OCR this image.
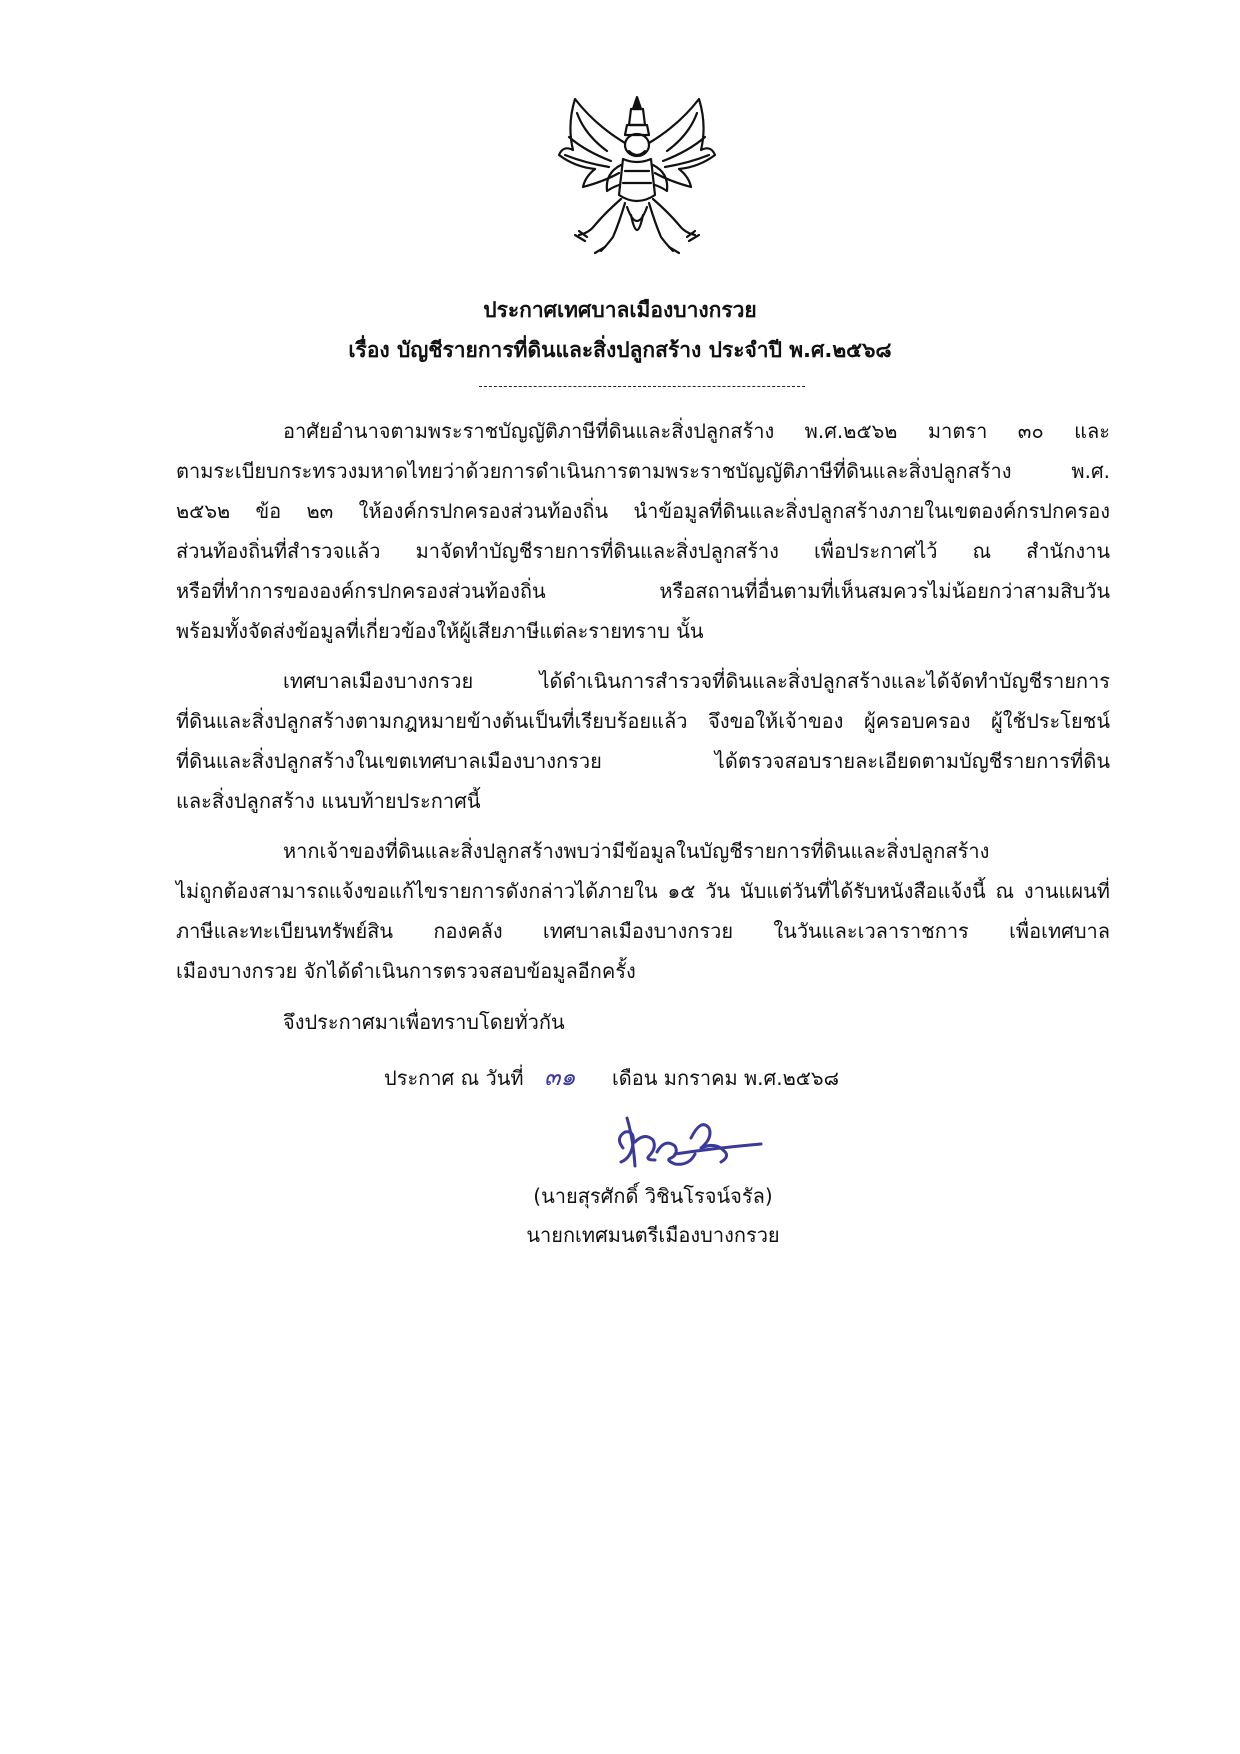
ประกาศเทศบาลเมืองบางกรวย
เรื่อง บัญชีรายการที่ดินและสิ่งปลูกสร้าง ประจำปี พ.ศ.๒๕๖๘
อาศัยอำนาจตามพระราชบัญญัติภาษีที่ดินและสิ่งปลูกสร้าง พ.ศ.๒๕๖๒ มาตรา ๓๐ และ
ตามระเบียบกระทรวงมหาดไทยว่าด้วยการดำเนินการตามพระราชบัญญัติภาษีที่ดินและสิ่งปลูกสร้าง พ.ศ.
๒๕๖๒ ข้อ ๒๓ ให้องค์กรปกครองส่วนท้องถิ่น นำข้อมูลที่ดินและสิ่งปลูกสร้างภายในเขตองค์กรปกครอง
ส่วนท้องถิ่นที่สำรวจแล้ว มาจัดทำบัญชีรายการที่ดินและสิ่งปลูกสร้าง เพื่อประกาศไว้ ณ สำนักงาน
หรือที่ทำการขององค์กรปกครองส่วนท้องถิ่น หรือสถานที่อื่นตามที่เห็นสมควรไม่น้อยกว่าสามสิบวัน
พร้อมทั้งจัดส่งข้อมูลที่เกี่ยวข้องให้ผู้เสียภาษีแต่ละรายทราบ นั้น
เทศบาลเมืองบางกรวย ได้ดำเนินการสำรวจที่ดินและสิ่งปลูกสร้างและได้จัดทำบัญชีรายการ
ที่ดินและสิ่งปลูกสร้างตามกฎหมายข้างต้นเป็นที่เรียบร้อยแล้ว จึงขอให้เจ้าของ ผู้ครอบครอง ผู้ใช้ประโยชน์
ที่ดินและสิ่งปลูกสร้างในเขตเทศบาลเมืองบางกรวย ได้ตรวจสอบรายละเอียดตามบัญชีรายการที่ดิน
และสิ่งปลูกสร้าง แนบท้ายประกาศนี้
หากเจ้าของที่ดินและสิ่งปลูกสร้างพบว่ามีข้อมูลในบัญชีรายการที่ดินและสิ่งปลูกสร้าง
ไม่ถูกต้องสามารถแจ้งขอแก้ไขรายการดังกล่าวได้ภายใน ๑๕ วัน นับแต่วันที่ได้รับหนังสือแจ้งนี้ ณ งานแผนที่
ภาษีและทะเบียนทรัพย์สิน กองคลัง เทศบาลเมืองบางกรวย ในวันและเวลาราชการ เพื่อเทศบาล
เมืองบางกรวย จักได้ดำเนินการตรวจสอบข้อมูลอีกครั้ง
จึงประกาศมาเพื่อทราบโดยทั่วกัน
ประกาศ ณ วันที่ ๓๑ เดือน มกราคม พ.ศ.๒๕๖๘
(นายสุรศักดิ์ วิชินโรจน์จรัล)
นายกเทศมนตรีเมืองบางกรวย
